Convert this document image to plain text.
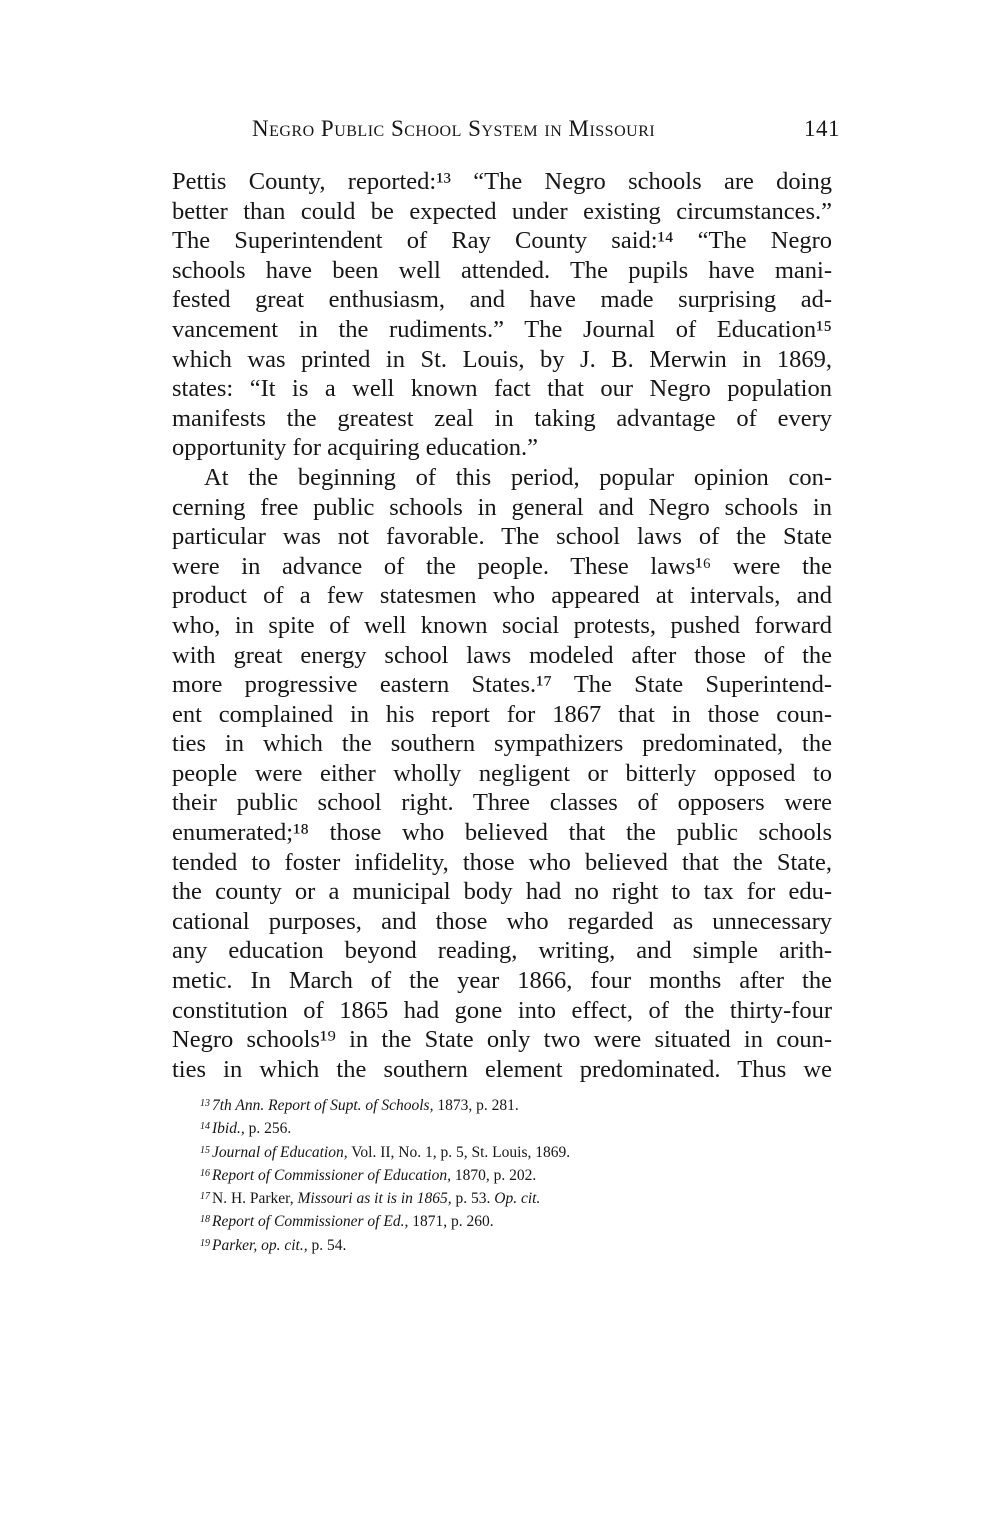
Negro Public School System in Missouri	141
Pettis County, reported:¹³ “The Negro schools are doing
better than could be expected under existing circumstances.”
The Superintendent of Ray County said:¹⁴ “The Negro
schools have been well attended. The pupils have mani-
fested great enthusiasm, and have made surprising ad-
vancement in the rudiments.” The Journal of Education¹⁵
which was printed in St. Louis, by J. B. Merwin in 1869,
states: “It is a well known fact that our Negro population
manifests the greatest zeal in taking advantage of every
opportunity for acquiring education.”
At the beginning of this period, popular opinion con-
cerning free public schools in general and Negro schools in
particular was not favorable. The school laws of the State
were in advance of the people. These laws¹⁶ were the
product of a few statesmen who appeared at intervals, and
who, in spite of well known social protests, pushed forward
with great energy school laws modeled after those of the
more progressive eastern States.¹⁷ The State Superintend-
ent complained in his report for 1867 that in those coun-
ties in which the southern sympathizers predominated, the
people were either wholly negligent or bitterly opposed to
their public school right. Three classes of opposers were
enumerated;¹⁸ those who believed that the public schools
tended to foster infidelity, those who believed that the State,
the county or a municipal body had no right to tax for edu-
cational purposes, and those who regarded as unnecessary
any education beyond reading, writing, and simple arith-
metic. In March of the year 1866, four months after the
constitution of 1865 had gone into effect, of the thirty-four
Negro schools¹⁹ in the State only two were situated in coun-
ties in which the southern element predominated. Thus we
$^{13}$ 7th Ann. Report of Supt. of Schools, 1873, p. 281.
$^{14}$ Ibid., p. 256.
$^{15}$ Journal of Education, Vol. II, No. 1, p. 5, St. Louis, 1869.
$^{16}$ Report of Commissioner of Education, 1870, p. 202.
$^{17}$ N. H. Parker, Missouri as it is in 1865, p. 53. Op. cit.
$^{18}$ Report of Commissioner of Ed., 1871, p. 260.
$^{19}$ Parker, op. cit., p. 54.
